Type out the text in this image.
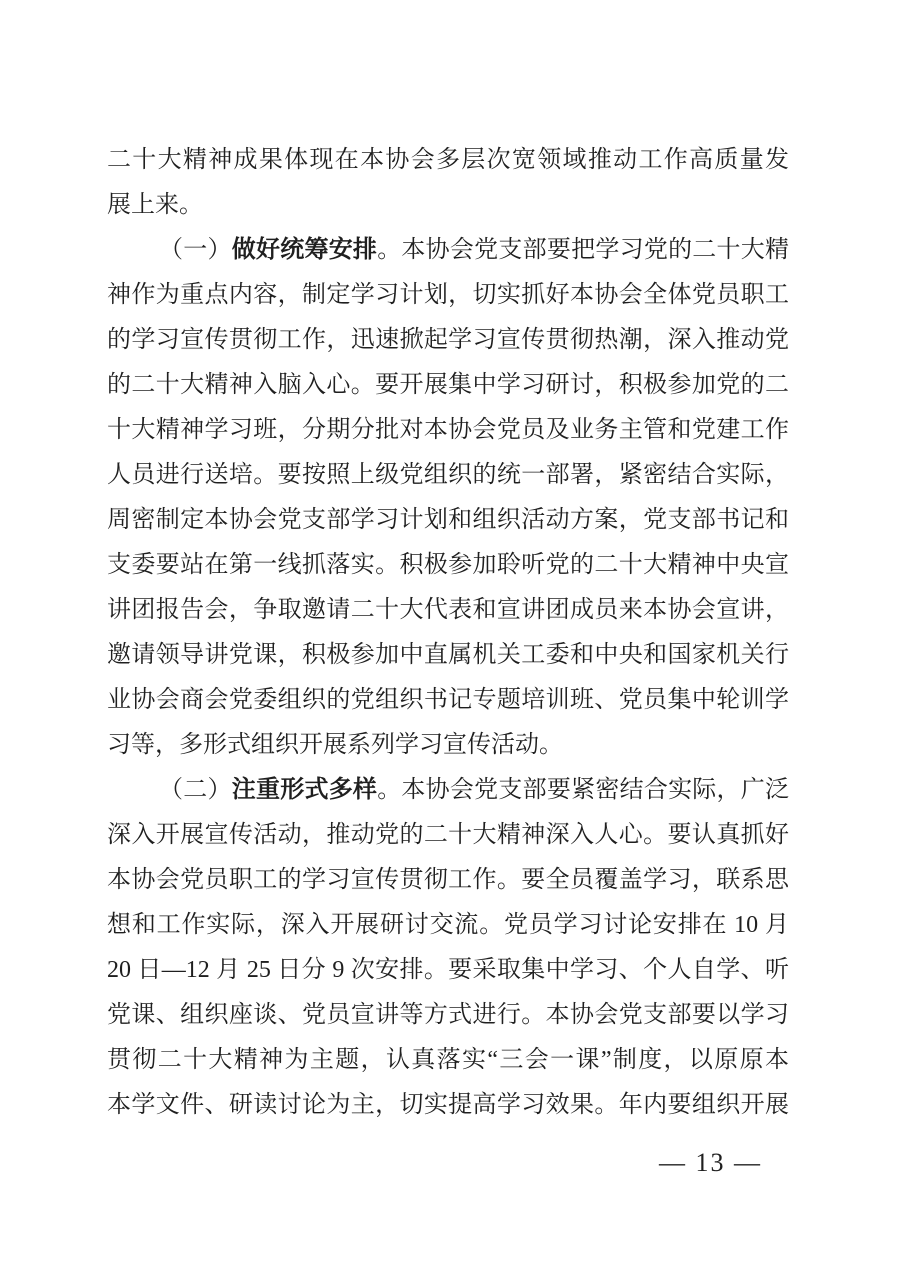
二十大精神成果体现在本协会多层次宽领域推动工作高质量发
展上来。
（一）做好统筹安排。本协会党支部要把学习党的二十大精
神作为重点内容，制定学习计划，切实抓好本协会全体党员职工
的学习宣传贯彻工作，迅速掀起学习宣传贯彻热潮，深入推动党
的二十大精神入脑入心。要开展集中学习研讨，积极参加党的二
十大精神学习班，分期分批对本协会党员及业务主管和党建工作
人员进行送培。要按照上级党组织的统一部署，紧密结合实际，
周密制定本协会党支部学习计划和组织活动方案，党支部书记和
支委要站在第一线抓落实。积极参加聆听党的二十大精神中央宣
讲团报告会，争取邀请二十大代表和宣讲团成员来本协会宣讲，
邀请领导讲党课，积极参加中直属机关工委和中央和国家机关行
业协会商会党委组织的党组织书记专题培训班、党员集中轮训学
习等，多形式组织开展系列学习宣传活动。
（二）注重形式多样。本协会党支部要紧密结合实际，广泛
深入开展宣传活动，推动党的二十大精神深入人心。要认真抓好
本协会党员职工的学习宣传贯彻工作。要全员覆盖学习，联系思
想和工作实际，深入开展研讨交流。党员学习讨论安排在 10 月
20 日—12 月 25 日分 9 次安排。要采取集中学习、个人自学、听
党课、组织座谈、党员宣讲等方式进行。本协会党支部要以学习
贯彻二十大精神为主题，认真落实“三会一课”制度，以原原本
本学文件、研读讨论为主，切实提高学习效果。年内要组织开展
— 13 —
